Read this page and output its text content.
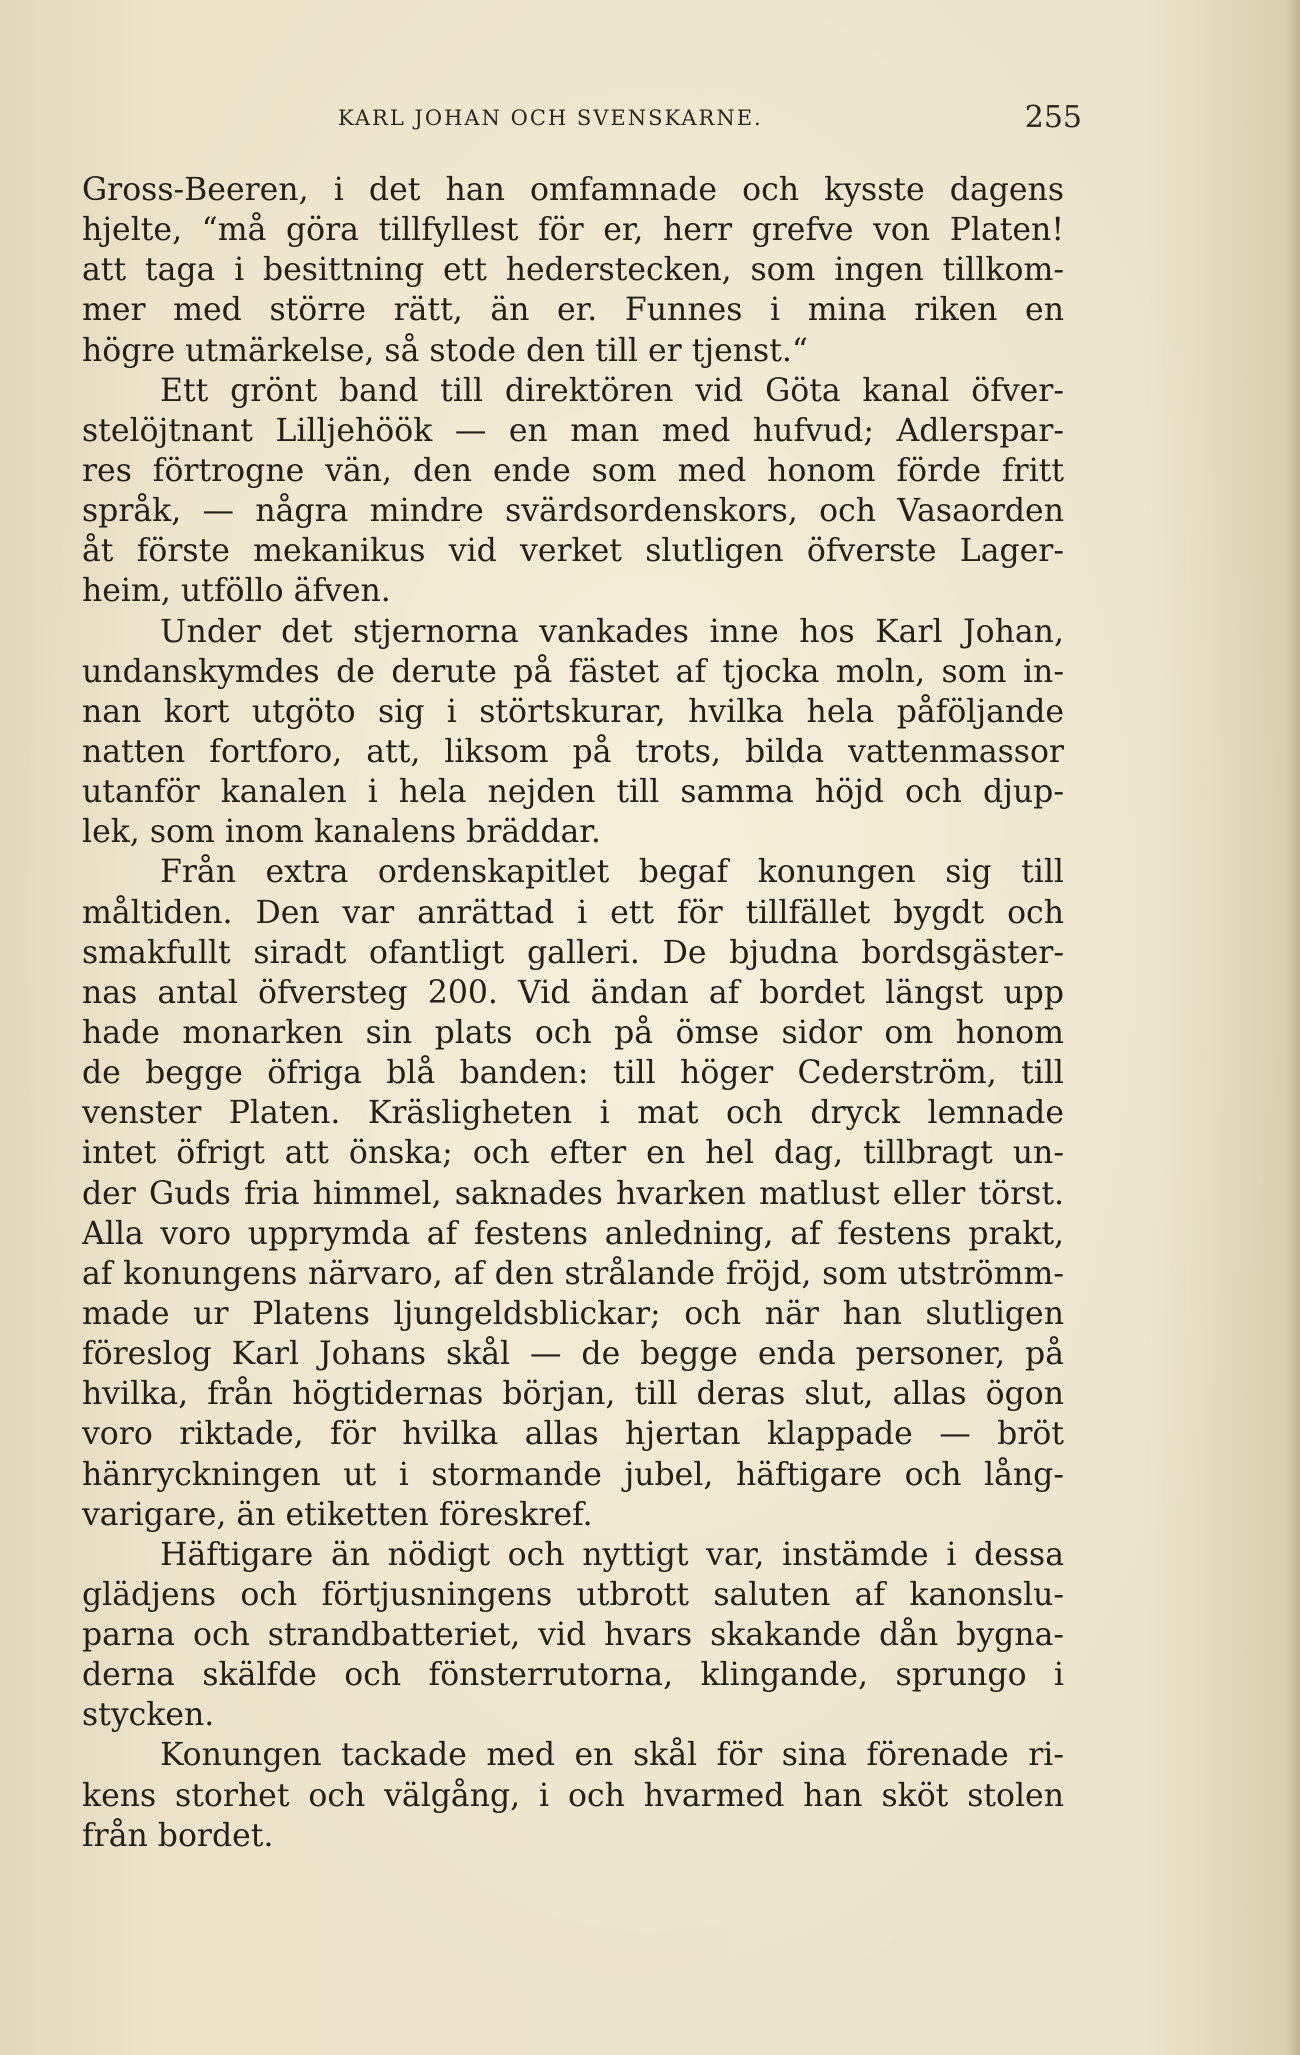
KARL JOHAN OCH SVENSKARNE.	255
Gross-Beeren, i det han omfamnade och kysste dagens
hjelte, “må göra tillfyllest för er, herr grefve von Platen!
att taga i besittning ett hederstecken, som ingen tillkom-
mer med större rätt, än er. Funnes i mina riken en
högre utmärkelse, så stode den till er tjenst.“
Ett grönt band till direktören vid Göta kanal öfver-
stelöjtnant Lilljehöök — en man med hufvud; Adlerspar-
res förtrogne vän, den ende som med honom förde fritt
språk, — några mindre svärdsordenskors, och Vasaorden
åt förste mekanikus vid verket slutligen öfverste Lager-
heim, utföllo äfven.
Under det stjernorna vankades inne hos Karl Johan,
undanskymdes de derute på fästet af tjocka moln, som in-
nan kort utgöto sig i störtskurar, hvilka hela påföljande
natten fortforo, att, liksom på trots, bilda vattenmassor
utanför kanalen i hela nejden till samma höjd och djup-
lek, som inom kanalens bräddar.
Från extra ordenskapitlet begaf konungen sig till
måltiden. Den var anrättad i ett för tillfället bygdt och
smakfullt siradt ofantligt galleri. De bjudna bordsgäster-
nas antal öfversteg 200. Vid ändan af bordet längst upp
hade monarken sin plats och på ömse sidor om honom
de begge öfriga blå banden: till höger Cederström, till
venster Platen. Kräsligheten i mat och dryck lemnade
intet öfrigt att önska; och efter en hel dag, tillbragt un-
der Guds fria himmel, saknades hvarken matlust eller törst.
Alla voro upprymda af festens anledning, af festens prakt,
af konungens närvaro, af den strålande fröjd, som utströmm-
made ur Platens ljungeldsblickar; och när han slutligen
föreslog Karl Johans skål — de begge enda personer, på
hvilka, från högtidernas början, till deras slut, allas ögon
voro riktade, för hvilka allas hjertan klappade — bröt
hänryckningen ut i stormande jubel, häftigare och lång-
varigare, än etiketten föreskref.
Häftigare än nödigt och nyttigt var, instämde i dessa
glädjens och förtjusningens utbrott saluten af kanonslu-
parna och strandbatteriet, vid hvars skakande dån bygna-
derna skälfde och fönsterrutorna, klingande, sprungo i
stycken.
Konungen tackade med en skål för sina förenade ri-
kens storhet och välgång, i och hvarmed han sköt stolen
från bordet.
